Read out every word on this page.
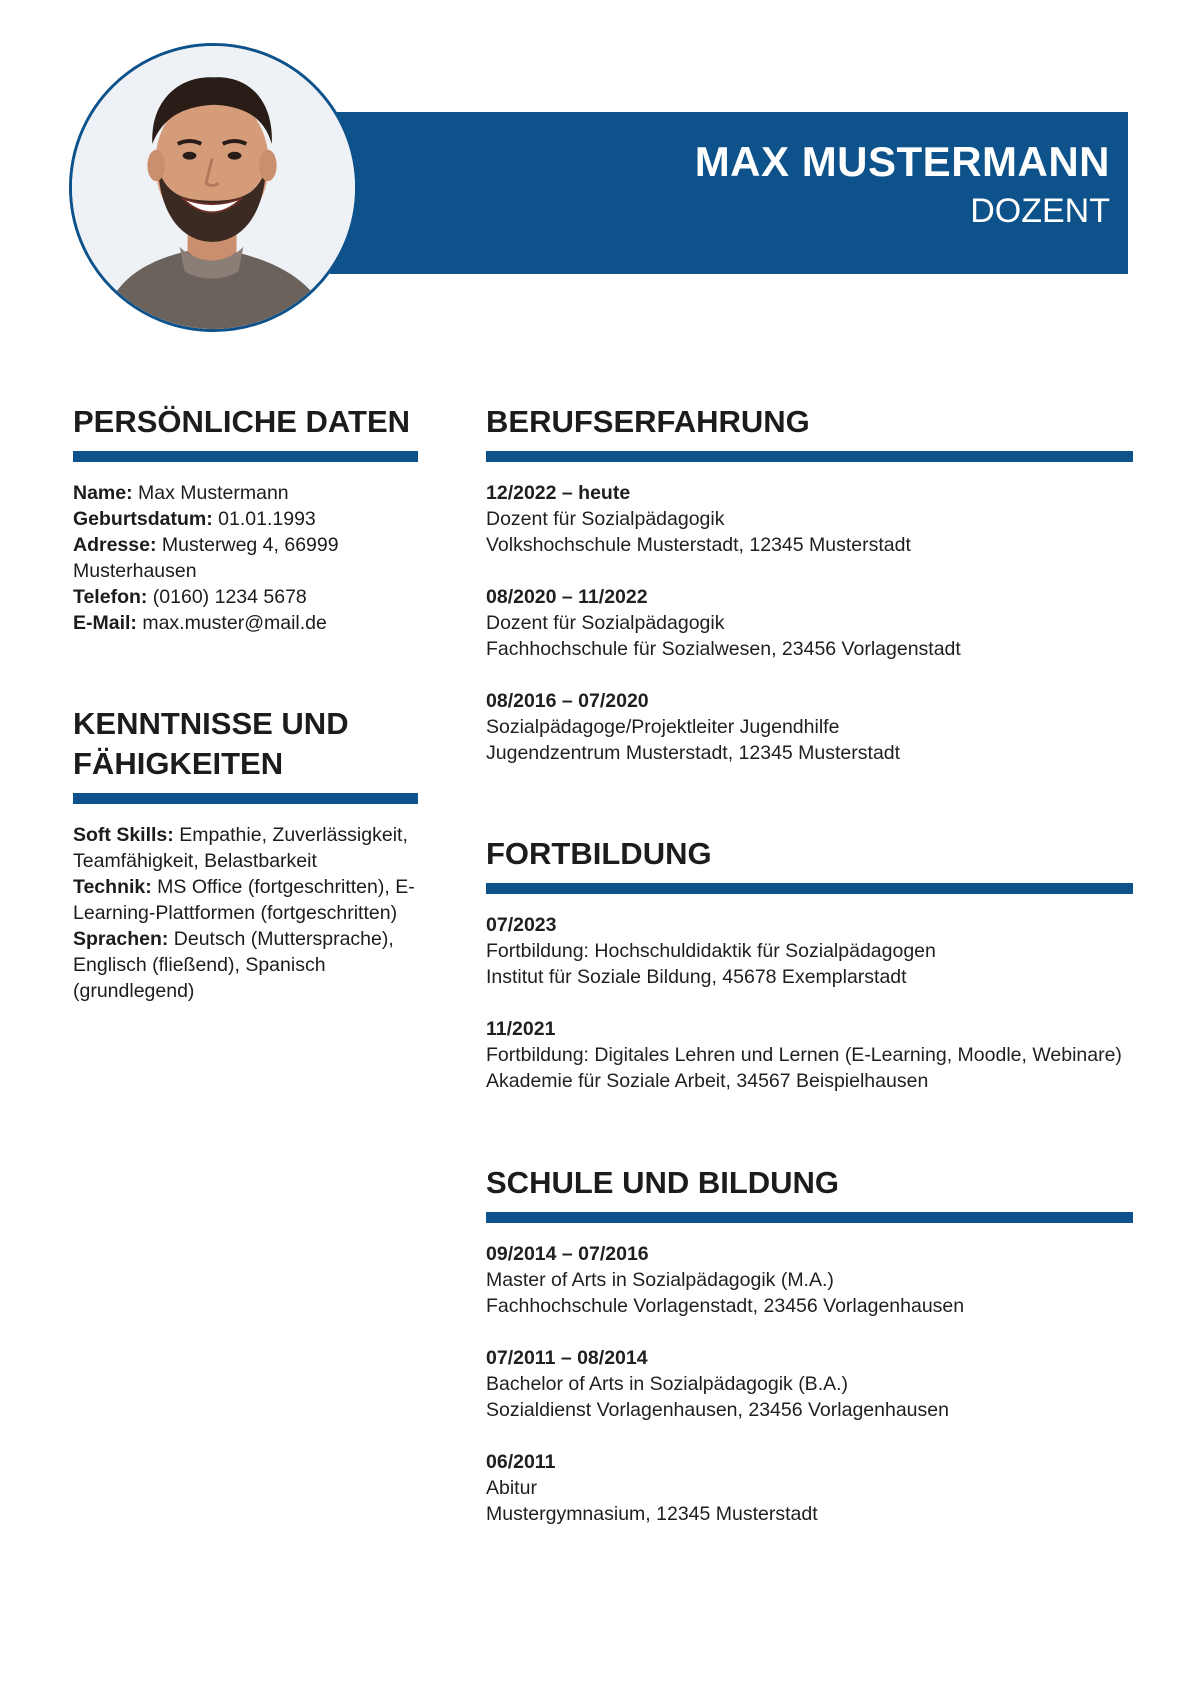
MAX MUSTERMANN
DOZENT
PERSÖNLICHE DATEN
Name: Max Mustermann
Geburtsdatum: 01.01.1993
Adresse: Musterweg 4, 66999 Musterhausen
Telefon: (0160) 1234 5678
E-Mail: max.muster@mail.de
KENNTNISSE UND FÄHIGKEITEN
Soft Skills: Empathie, Zuverlässigkeit, Teamfähigkeit, Belastbarkeit
Technik: MS Office (fortgeschritten), E-Learning-Plattformen (fortgeschritten)
Sprachen: Deutsch (Muttersprache), Englisch (fließend), Spanisch (grundlegend)
BERUFSERFAHRUNG
12/2022 – heute
Dozent für Sozialpädagogik
Volkshochschule Musterstadt, 12345 Musterstadt
08/2020 – 11/2022
Dozent für Sozialpädagogik
Fachhochschule für Sozialwesen, 23456 Vorlagenstadt
08/2016 – 07/2020
Sozialpädagoge/Projektleiter Jugendhilfe
Jugendzentrum Musterstadt, 12345 Musterstadt
FORTBILDUNG
07/2023
Fortbildung: Hochschuldidaktik für Sozialpädagogen
Institut für Soziale Bildung, 45678 Exemplarstadt
11/2021
Fortbildung: Digitales Lehren und Lernen (E-Learning, Moodle, Webinare)
Akademie für Soziale Arbeit, 34567 Beispielhausen
SCHULE UND BILDUNG
09/2014 – 07/2016
Master of Arts in Sozialpädagogik (M.A.)
Fachhochschule Vorlagenstadt, 23456 Vorlagenhausen
07/2011 – 08/2014
Bachelor of Arts in Sozialpädagogik (B.A.)
Sozialdienst Vorlagenhausen, 23456 Vorlagenhausen
06/2011
Abitur
Mustergymnasium, 12345 Musterstadt
